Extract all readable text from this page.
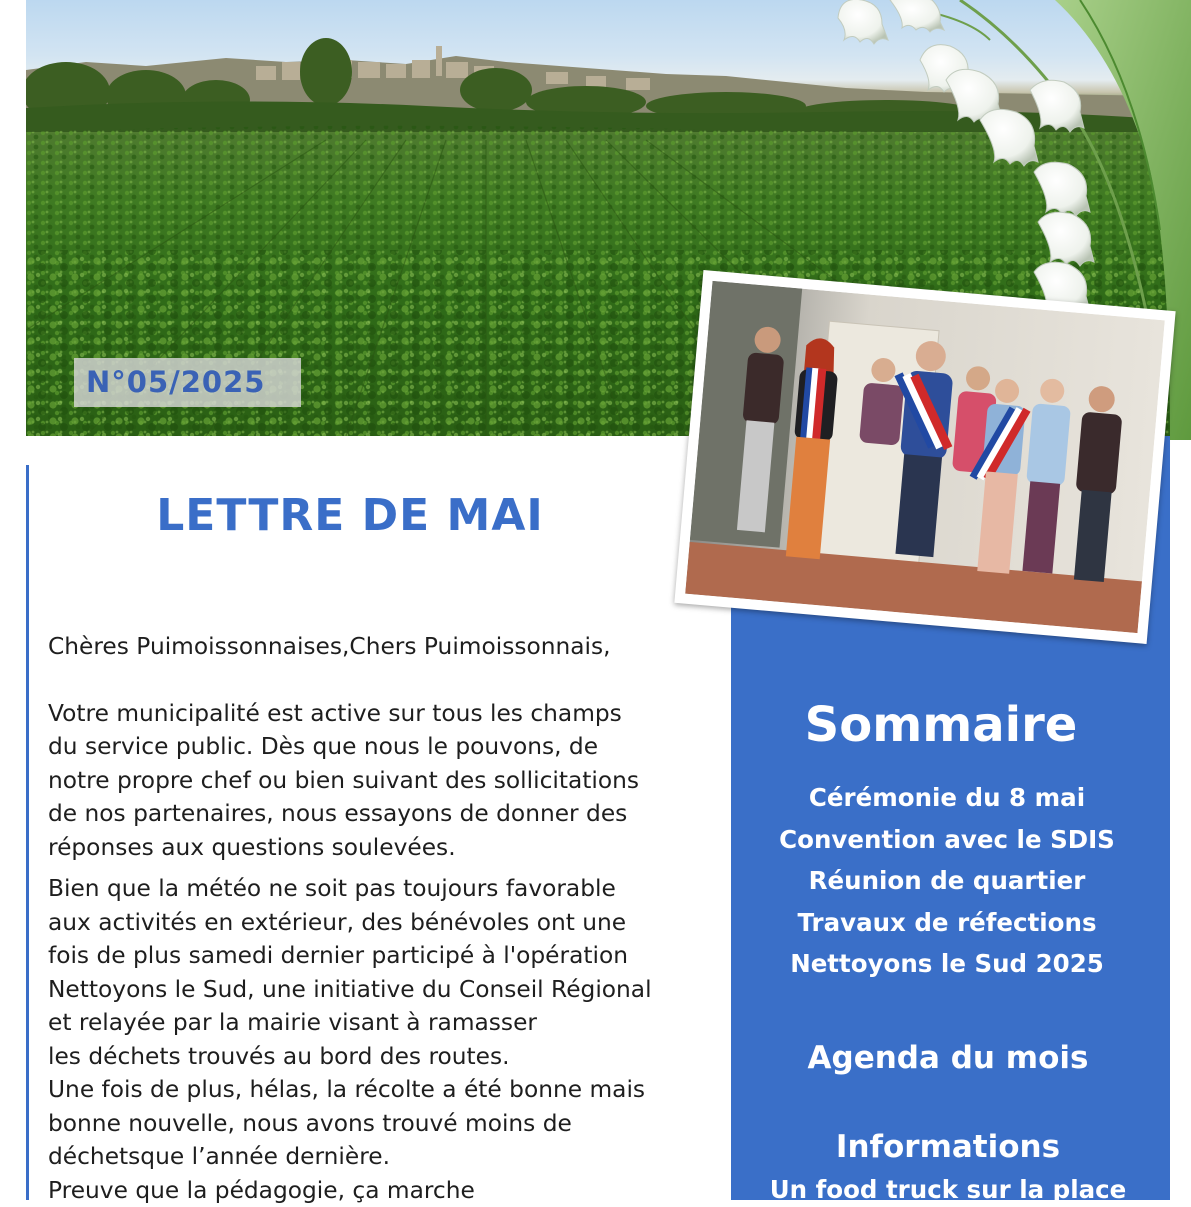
N°05/2025
LETTRE DE MAI

Chères Puimoissonnaises,Chers Puimoissonnais,

Votre municipalité est active sur tous les champs

du service public. Dès que nous le pouvons, de

notre propre chef ou bien suivant des sollicitations

de nos partenaires, nous essayons de donner des

réponses aux questions soulevées.

Bien que la météo ne soit pas toujours favorable

aux activités en extérieur, des bénévoles ont une

fois de plus samedi dernier participé à l'opération

Nettoyons le Sud, une initiative du Conseil Régional

et relayée par la mairie visant à ramasser

les déchets trouvés au bord des routes.

Une fois de plus, hélas, la récolte a été bonne mais

bonne nouvelle, nous avons trouvé moins de

déchetsque l’année dernière.

Preuve que la pédagogie, ça marche

Sommaire
Cérémonie du 8 mai
Convention avec le SDIS
Réunion de quartier
Travaux de réfections
Nettoyons le Sud 2025
Agenda du mois
Informations
Un food truck sur la place
